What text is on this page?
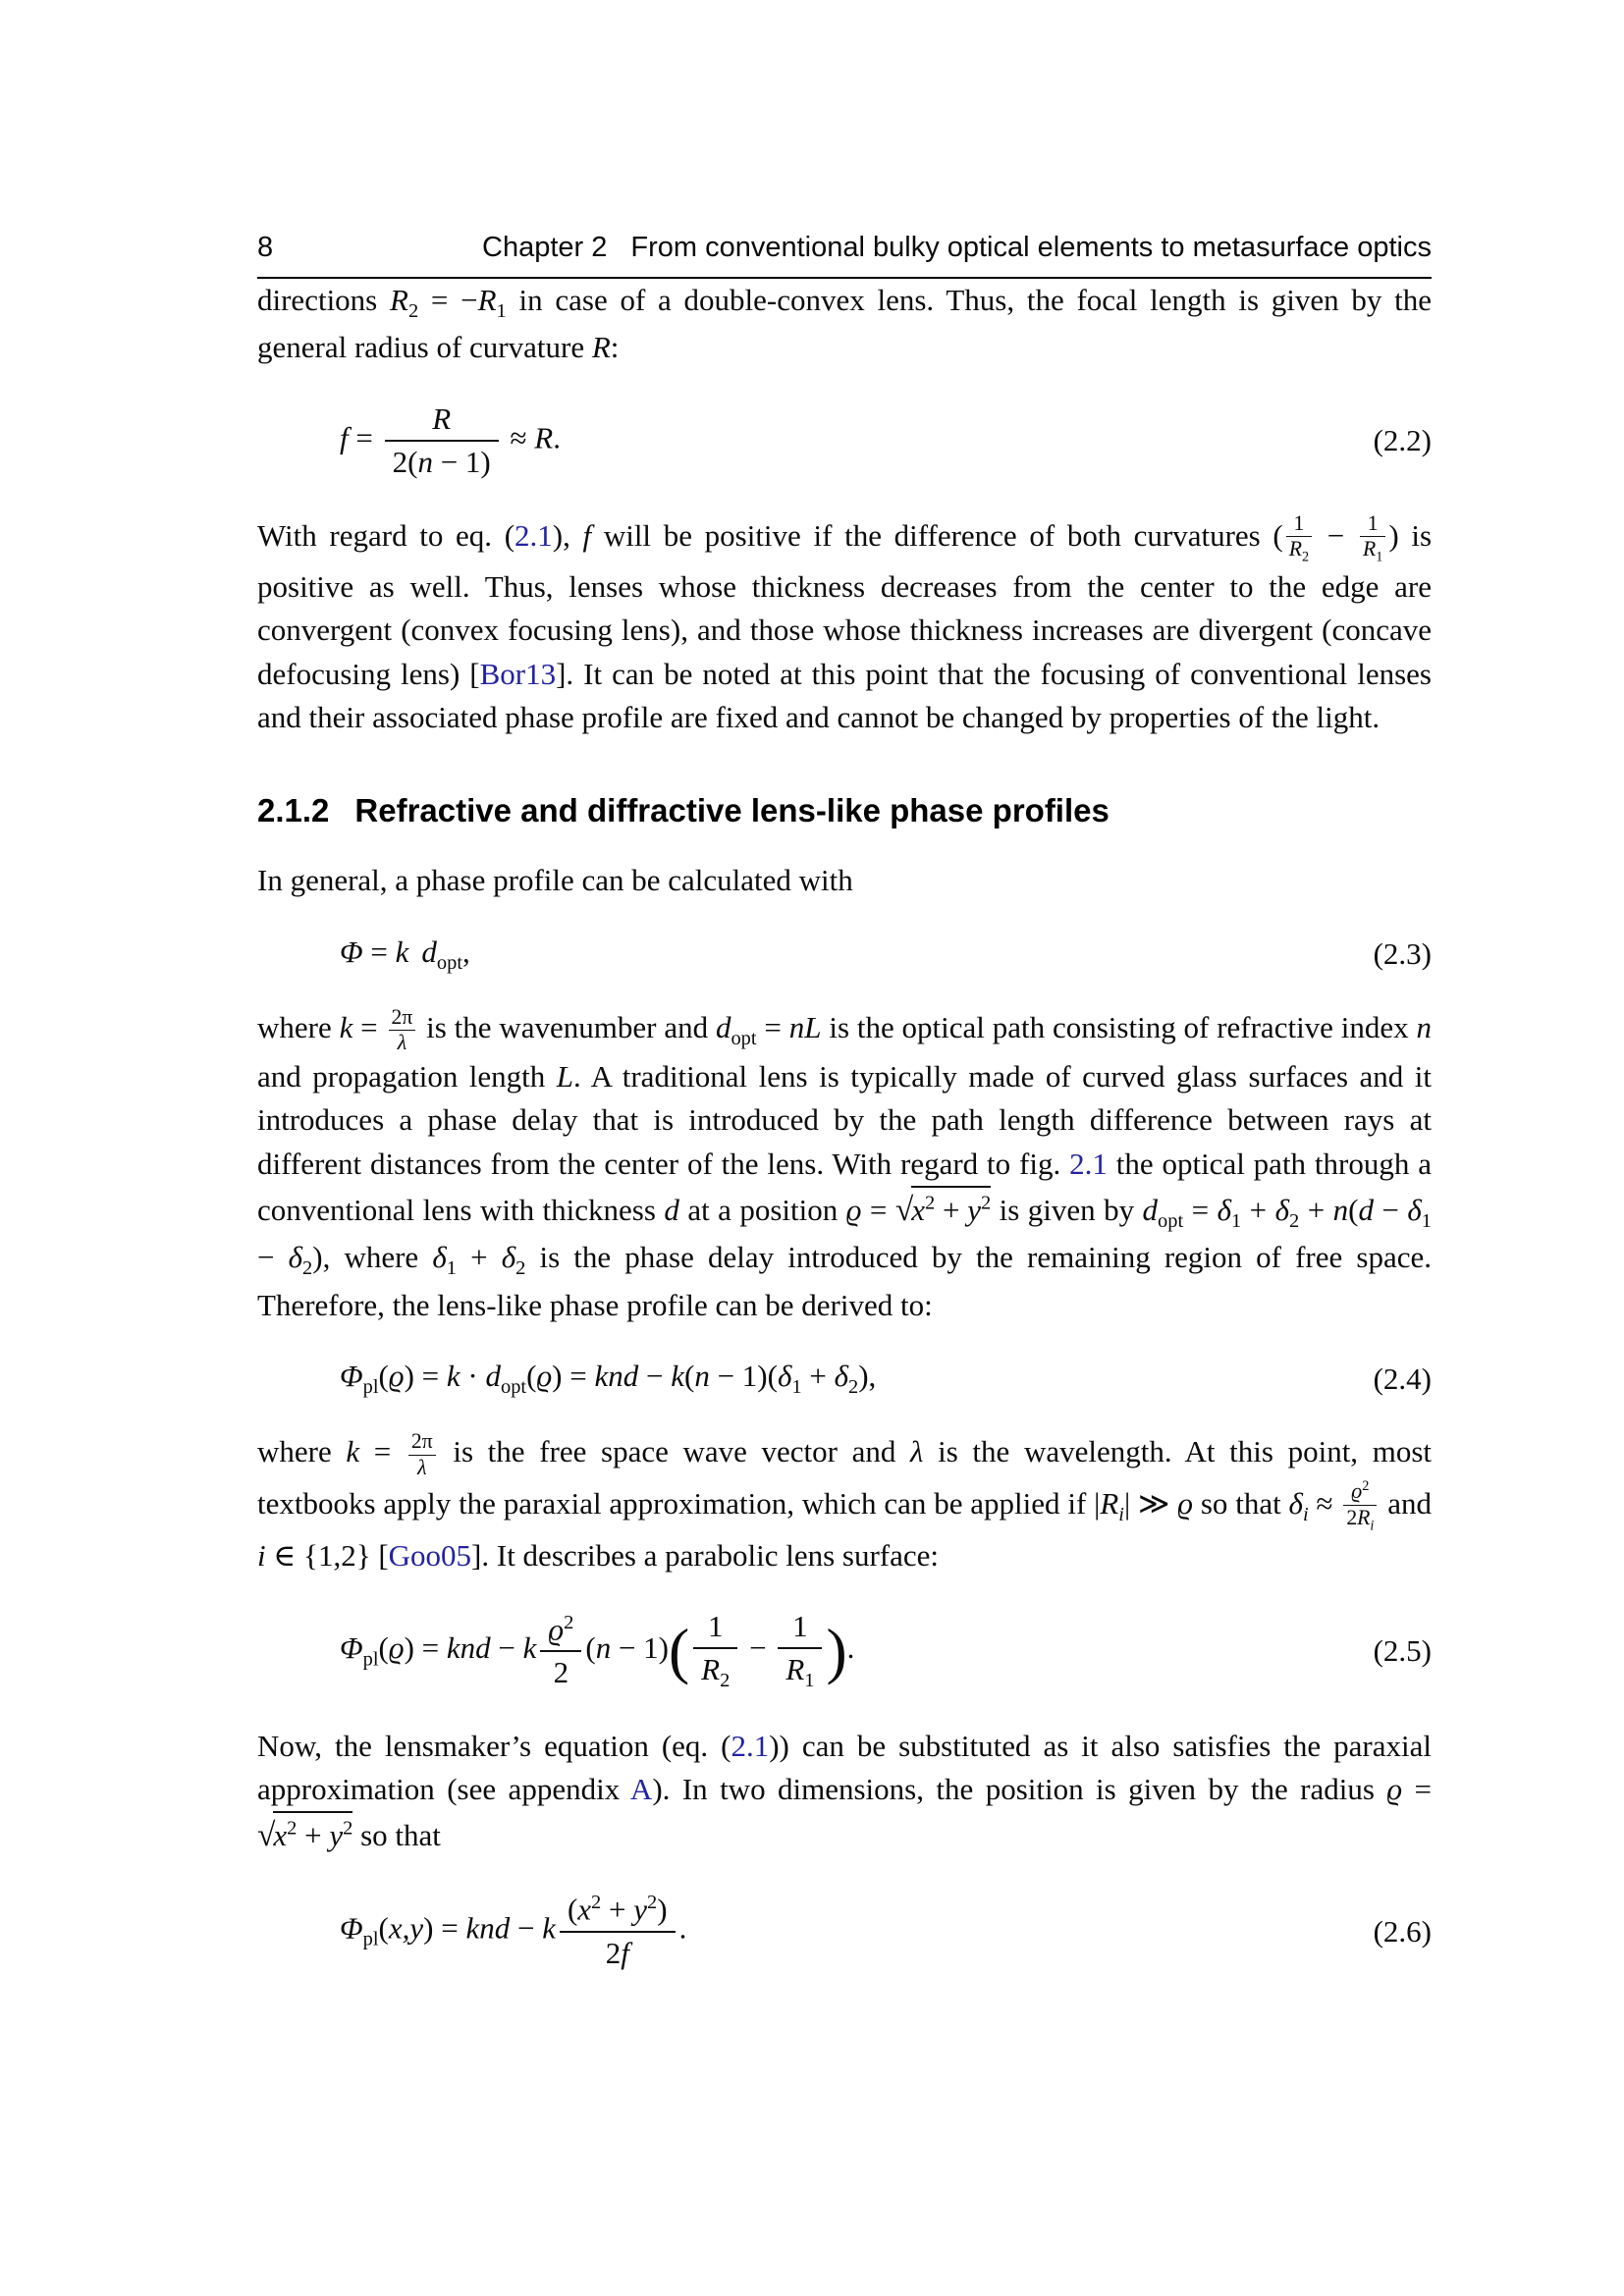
8	Chapter 2 From conventional bulky optical elements to metasurface optics

directions $R_2 = -R_1$ in case of a double-convex lens. Thus, the focal length is given by the general radius of curvature R:

$f = \frac{R}{2(n - 1)} \approx R$.	(2.2)

With regard to eq. (2.1), f will be positive if the difference of both curvatures ( $\frac{1}{R_2} - \frac{1}{R_1}$ ) is positive as well. Thus, lenses whose thickness decreases from the center to the edge are convergent (convex focusing lens), and those whose thickness increases are divergent (concave defocusing lens) [Bor13]. It can be noted at this point that the focusing of conventional lenses and their associated phase profile are fixed and cannot be changed by properties of the light.

2.1.2 Refractive and diffractive lens-like phase profiles

In general, a phase profile can be calculated with

Φ = k $d_{opt}$,	(2.3)

where $k = \frac{2\pi}{\lambda}$ is the wavenumber and $d_{opt}$ = nL is the optical path consisting of refractive index n and propagation length L. A traditional lens is typically made of curved glass surfaces and it introduces a phase delay that is introduced by the path length difference between rays at different distances from the center of the lens. With regard to fig. 2.1 the optical path through a conventional lens with thickness d at a position $ϱ = √x^2 + y^2$ is given by $d_{opt} = \delta_1 + \delta_2 + n(d - \delta_1 - \delta_2)$, where $\delta_1 + \delta_2$ is the phase delay introduced by the remaining region of free space. Therefore, the lens-like phase profile can be derived to:

$\Phi_{pl}(ϱ) = k \cdot d_{opt}(ϱ)$ = knd − $k(n - 1)(\delta_1 + \delta_2)$,	(2.4)

where $k = \frac{2\pi}{\lambda}$ is the free space wave vector and λ is the wavelength. At this point, most textbooks apply the paraxial approximation, which can be applied if $|R_i|$ ≫ ϱ so that $\delta_i \approx \frac{ϱ^2}{2R_i}$ and i ∈ {1,2} [Goo05]. It describes a parabolic lens surface:

$\Phi_{pl}(ϱ)$ = knd − k $\frac{ϱ^2}{2} (n - 1)( \frac{1}{R_2} - \frac{1}{R_1}$ ).	(2.5)

Now, the lensmaker’s equation (eq. (2.1)) can be substituted as it also satisfies the paraxial approximation (see appendix A). In two dimensions, the position is given by the radius $ϱ = √x^2 + y^2$ so that

$\Phi_{pl}(x,y)$ = knd − k $\frac{(x^2 + y^2)}{2f}$ .	(2.6)
